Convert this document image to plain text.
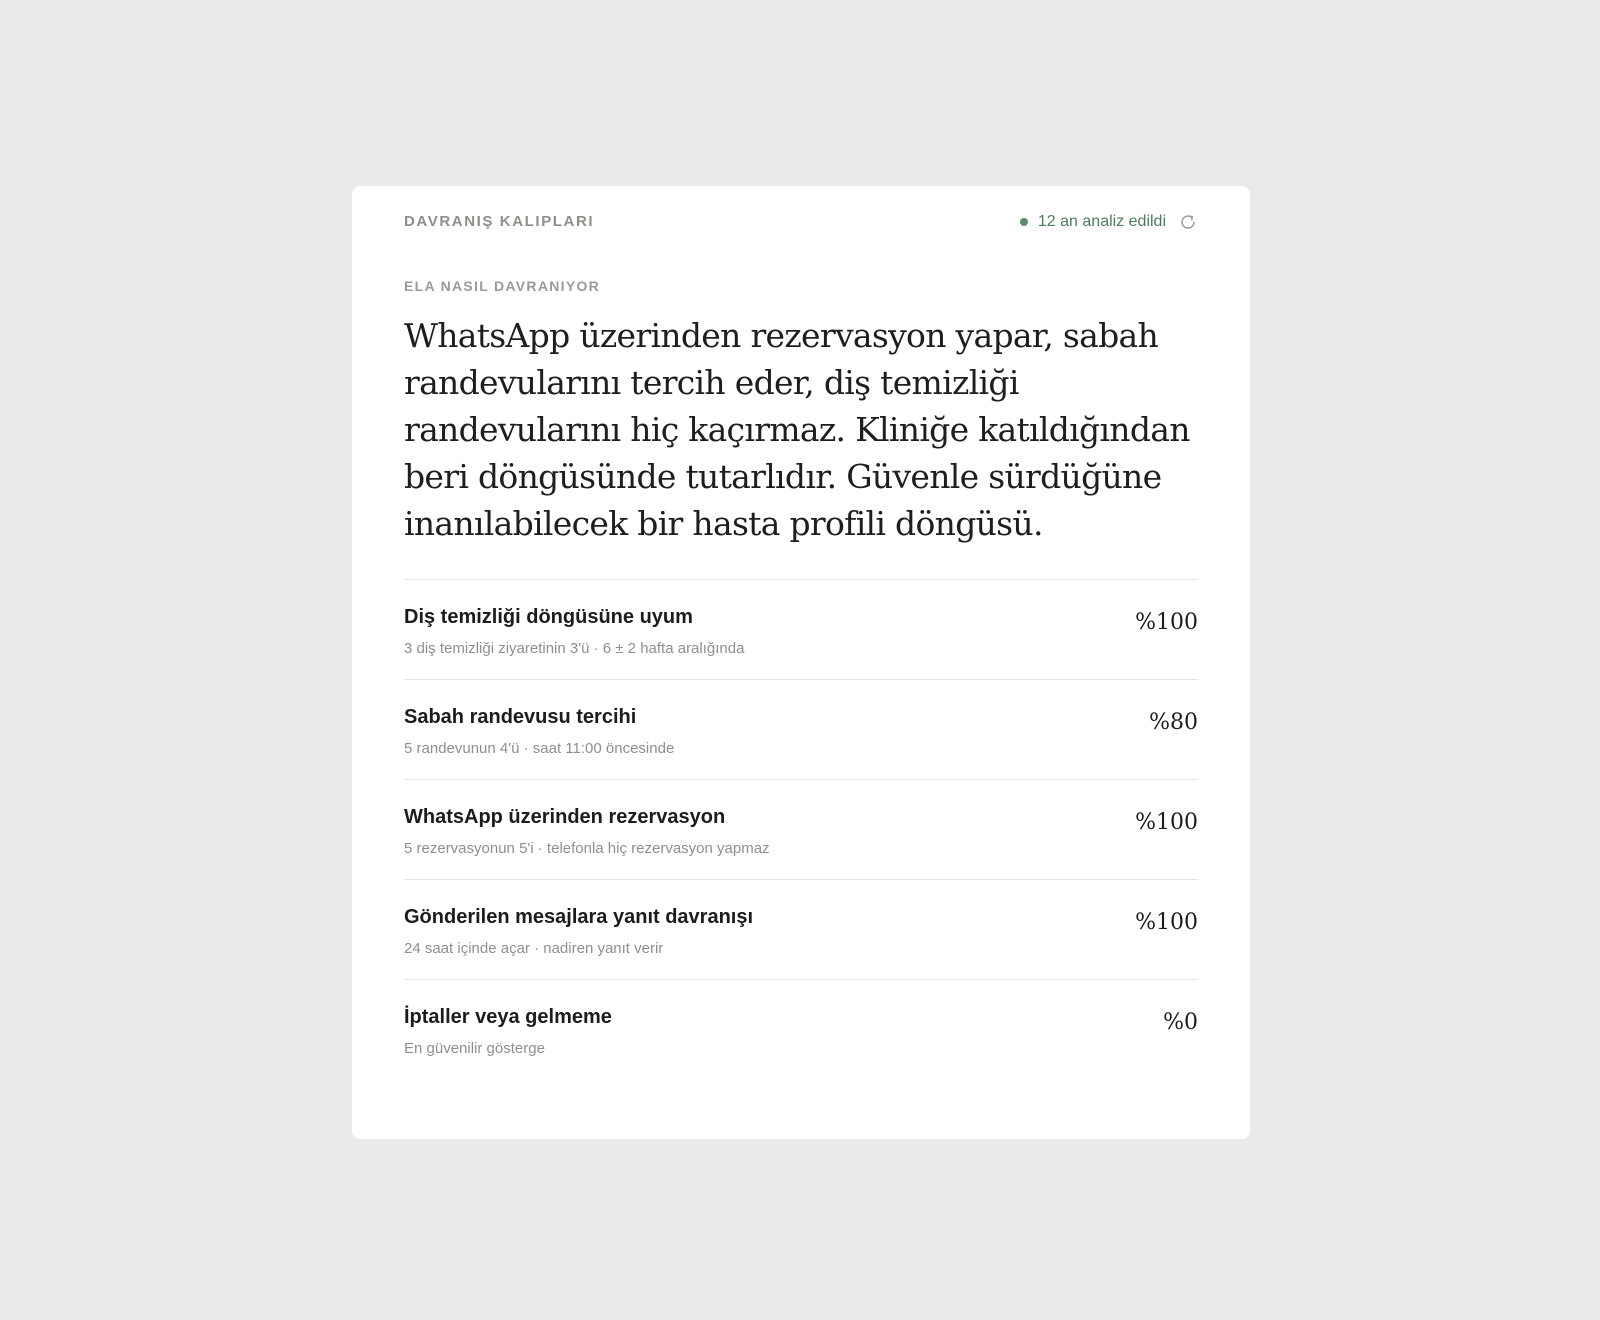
DAVRANIŞ KALIPLARI	12 an analiz edildi
ELA NASIL DAVRANIYOR

WhatsApp üzerinden rezervasyon yapar, sabah randevularını tercih eder, diş temizliği randevularını hiç kaçırmaz. Kliniğe katıldığından beri döngüsünde tutarlıdır. Güvenle sürdüğüne inanılabilecek bir hasta profili döngüsü.

Diş temizliği döngüsüne uyum
3 diş temizliği ziyaretinin 3'ü · 6 ± 2 hafta aralığında
%100
Sabah randevusu tercihi
5 randevunun 4'ü · saat 11:00 öncesinde
%80
WhatsApp üzerinden rezervasyon
5 rezervasyonun 5'i · telefonla hiç rezervasyon yapmaz
%100
Gönderilen mesajlara yanıt davranışı
24 saat içinde açar · nadiren yanıt verir
%100
İptaller veya gelmeme
En güvenilir gösterge
%0
